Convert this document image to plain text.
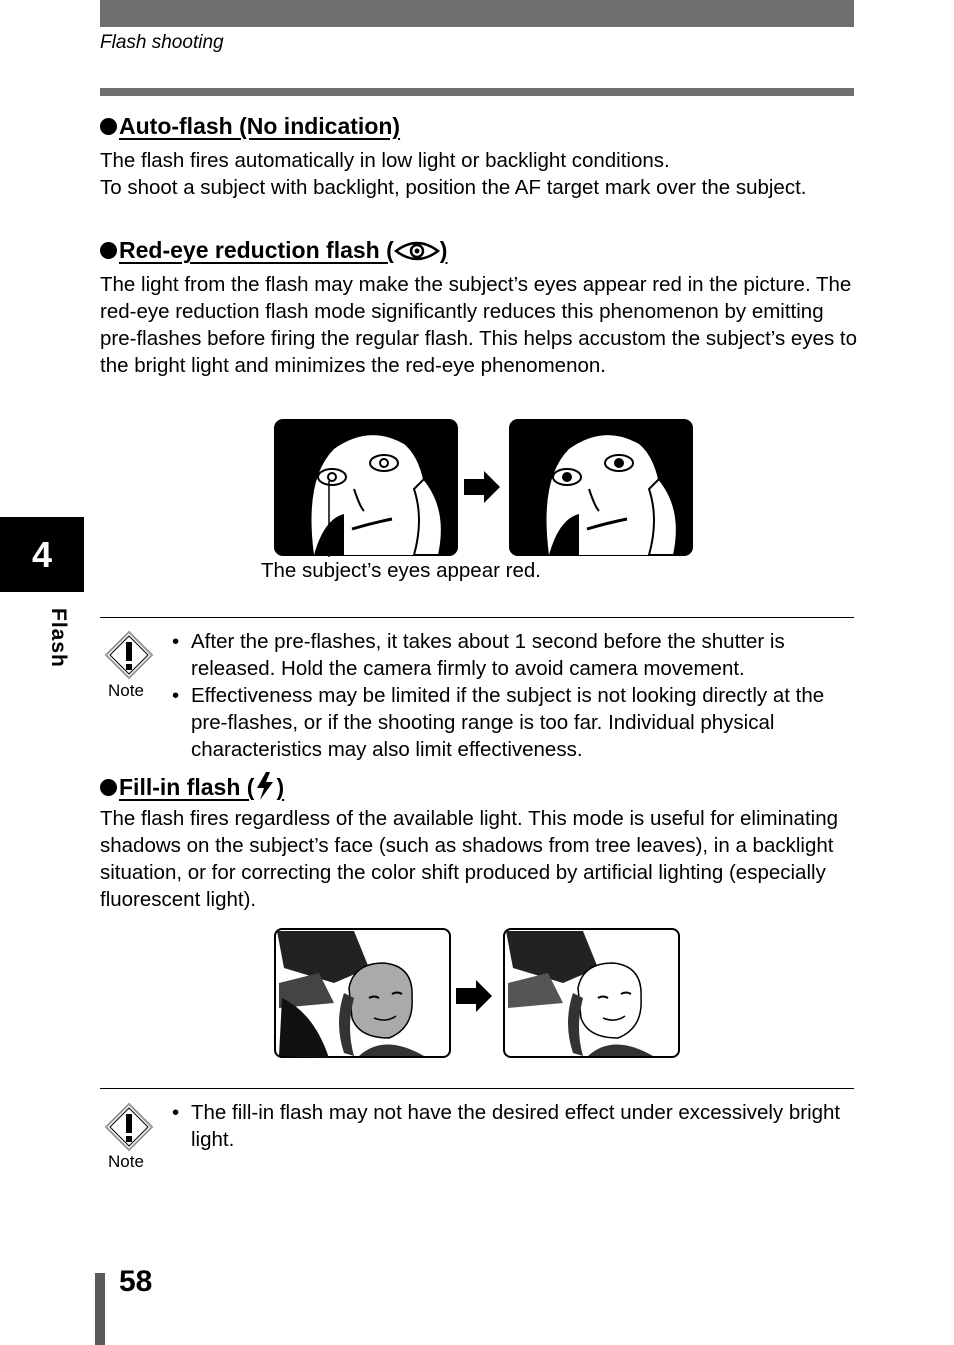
Flash shooting
Auto-flash (No indication)

The flash fires automatically in low light or backlight conditions.

To shoot a subject with backlight, position the AF target mark over the subject.

Red-eye reduction flash ( )
The light from the flash may make the subject’s eyes appear red in the picture. The red-eye reduction flash mode significantly reduces this phenomenon by emitting pre-flashes before firing the regular flash. This helps accustom the subject’s eyes to the bright light and minimizes the red-eye phenomenon.
The subject’s eyes appear red.
Note
• After the pre-flashes, it takes about 1 second before the shutter is released. Hold the camera firmly to avoid camera movement.
• Effectiveness may be limited if the subject is not looking directly at the pre-flashes, or if the shooting range is too far. Individual physical characteristics may also limit effectiveness.
Fill-in flash ( )
The flash fires regardless of the available light. This mode is useful for eliminating shadows on the subject’s face (such as shadows from tree leaves), in a backlight situation, or for correcting the color shift produced by artificial lighting (especially fluorescent light).
Note
• The fill-in flash may not have the desired effect under excessively bright light.
4
Flash
58
